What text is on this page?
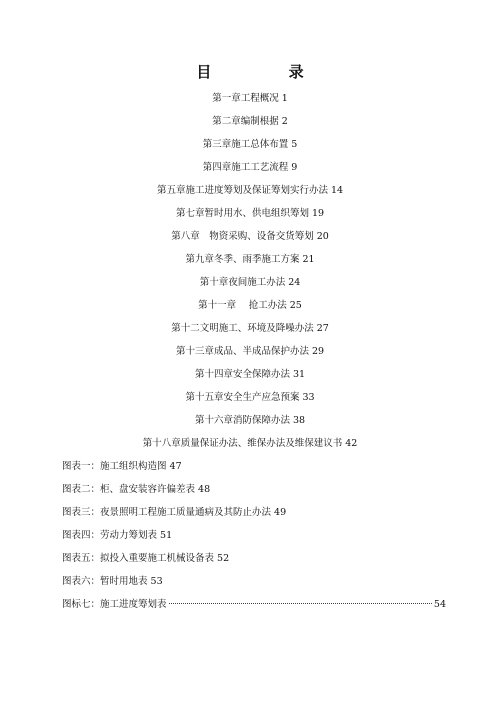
目 录
第一章工程概况 1
第二章编制根据 2
第三章施工总体布置 5
第四章施工工艺流程 9
第五章施工进度筹划及保证筹划实行办法 14
第七章暂时用水、供电组织筹划 19
第八章　物资采购、设备交货筹划 20
第九章冬季、雨季施工方案 21
第十章夜间施工办法 24
第十一章　 抢工办法 25
第十二文明施工、环境及降噪办法 27
第十三章成品、半成品保护办法 29
第十四章安全保障办法 31
第十五章安全生产应急预案 33
第十六章消防保障办法 38
第十八章质量保证办法、维保办法及维保建议书 42
图表一：施工组织构造图 47
图表二：柜、盘安装容许偏差表 48
图表三：夜景照明工程施工质量通病及其防止办法 49
图表四：劳动力筹划表 51
图表五：拟投入重要施工机械设备表 52
图表六：暂时用地表 53
图标七：施工进度筹划表	54
